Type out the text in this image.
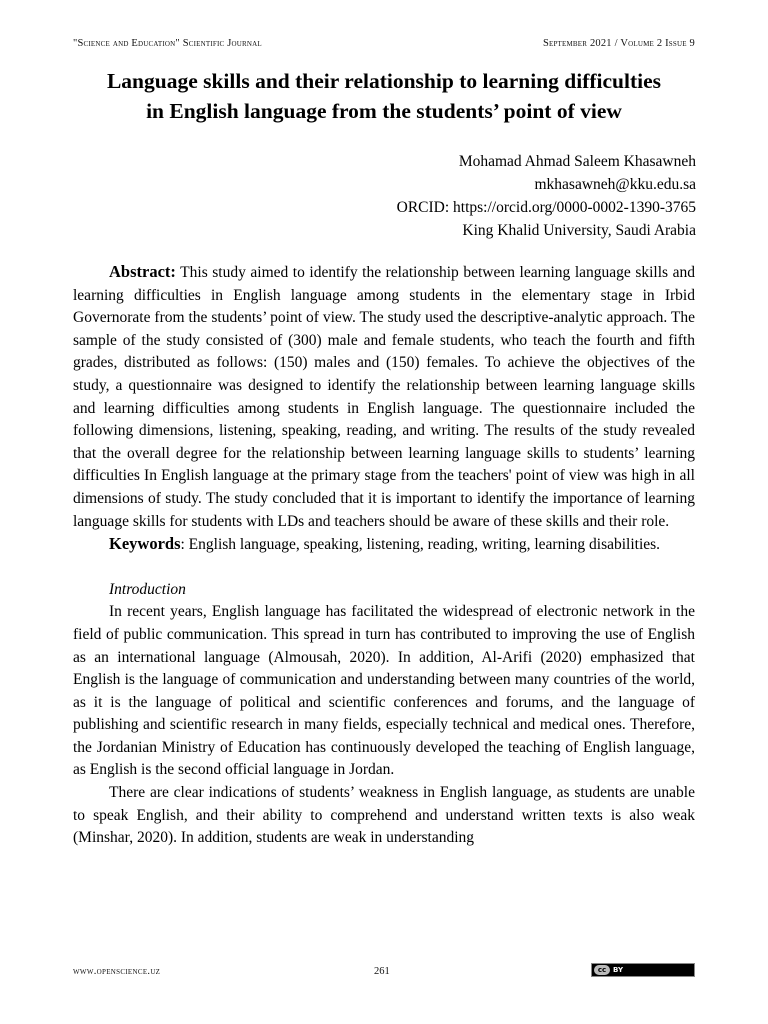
"Science and Education" Scientific Journal	September 2021 / Volume 2 Issue 9
Language skills and their relationship to learning difficulties
in English language from the students’ point of view
Mohamad Ahmad Saleem Khasawneh
mkhasawneh@kku.edu.sa
ORCID: https://orcid.org/0000-0002-1390-3765
King Khalid University, Saudi Arabia

Abstract: This study aimed to identify the relationship between learning language skills and learning difficulties in English language among students in the elementary stage in Irbid Governorate from the students’ point of view. The study used the descriptive-analytic approach. The sample of the study consisted of (300) male and female students, who teach the fourth and fifth grades, distributed as follows: (150) males and (150) females. To achieve the objectives of the study, a questionnaire was designed to identify the relationship between learning language skills and learning difficulties among students in English language. The questionnaire included the following dimensions, listening, speaking, reading, and writing. The results of the study revealed that the overall degree for the relationship between learning language skills to students’ learning difficulties In English language at the primary stage from the teachers' point of view was high in all dimensions of study. The study concluded that it is important to identify the importance of learning language skills for students with LDs and teachers should be aware of these skills and their role.

Keywords: English language, speaking, listening, reading, writing, learning disabilities.

Introduction

In recent years, English language has facilitated the widespread of electronic network in the field of public communication. This spread in turn has contributed to improving the use of English as an international language (Almousah, 2020). In addition, Al-Arifi (2020) emphasized that English is the language of communication and understanding between many countries of the world, as it is the language of political and scientific conferences and forums, and the language of publishing and scientific research in many fields, especially technical and medical ones. Therefore, the Jordanian Ministry of Education has continuously developed the teaching of English language, as English is the second official language in Jordan.

There are clear indications of students’ weakness in English language, as students are unable to speak English, and their ability to comprehend and understand written texts is also weak (Minshar, 2020). In addition, students are weak in understanding

www.openscience.uz	261	cc BY
